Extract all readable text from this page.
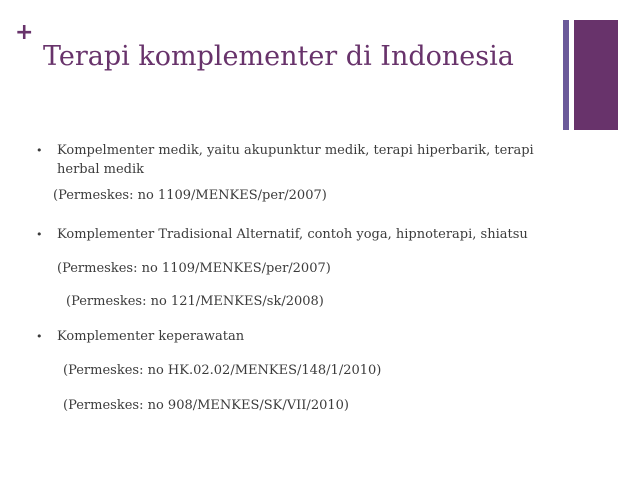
+
Terapi komplementer di Indonesia
•	Kompelmenter medik, yaitu akupunktur medik, terapi hiperbarik, terapi herbal medik
(Permeskes: no 1109/MENKES/per/2007)
•	Komplementer Tradisional Alternatif, contoh yoga, hipnoterapi, shiatsu
(Permeskes: no 1109/MENKES/per/2007)
(Permeskes: no 121/MENKES/sk/2008)
•	Komplementer keperawatan
(Permeskes: no HK.02.02/MENKES/148/1/2010)
(Permeskes: no 908/MENKES/SK/VII/2010)
